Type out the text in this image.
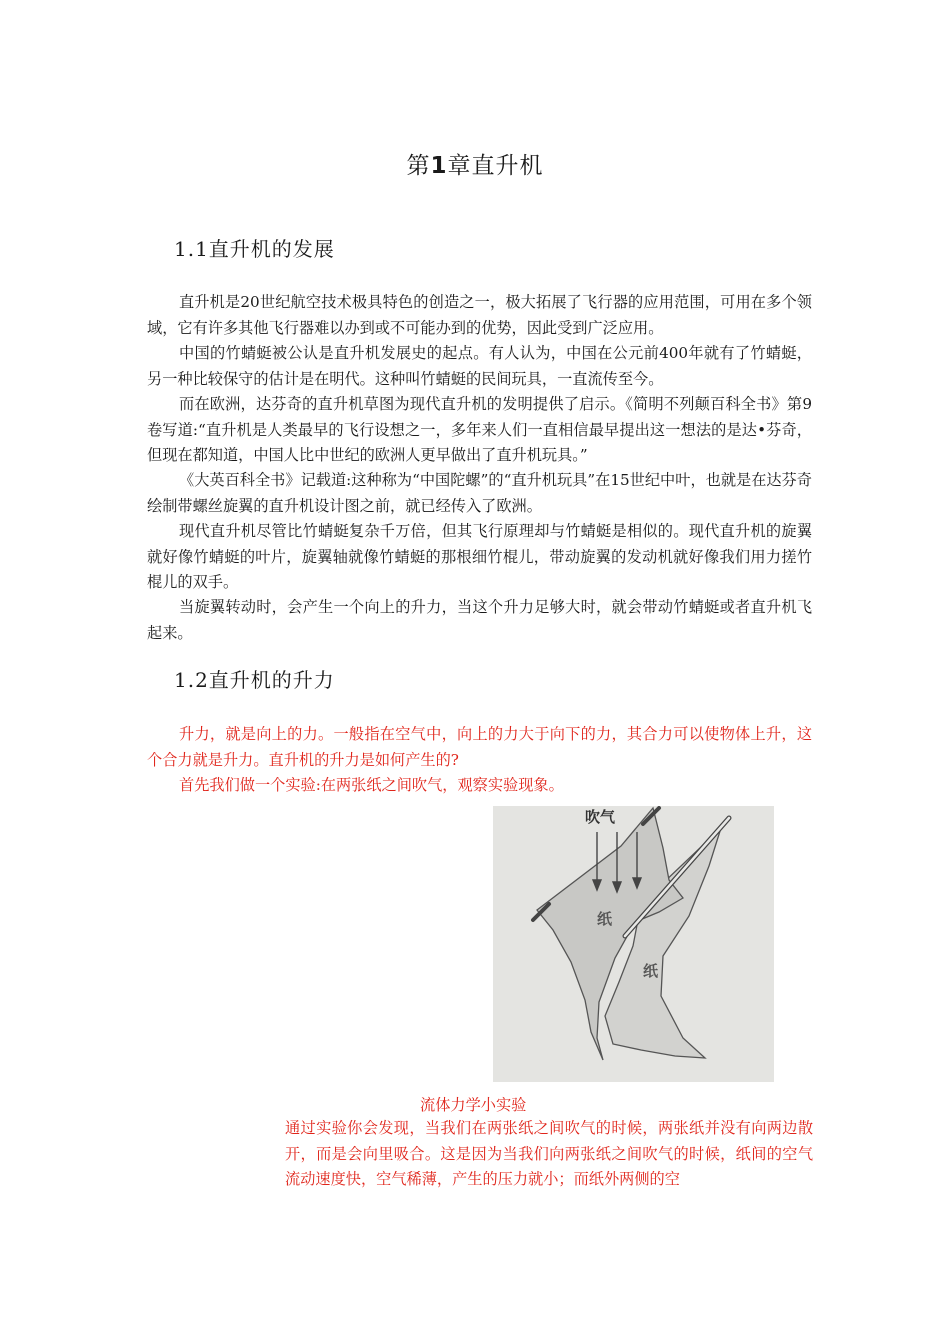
第1章直升机
1.1直升机的发展

直升机是20世纪航空技术极具特色的创造之一，极大拓展了飞行器的应用范围，可用在多个领域，它有许多其他飞行器难以办到或不可能办到的优势，因此受到广泛应用。

中国的竹蜻蜓被公认是直升机发展史的起点。有人认为，中国在公元前400年就有了竹蜻蜓，另一种比较保守的估计是在明代。这种叫竹蜻蜓的民间玩具，一直流传至今。

而在欧洲，达芬奇的直升机草图为现代直升机的发明提供了启示。《简明不列颠百科全书》第9卷写道:“直升机是人类最早的飞行设想之一，多年来人们一直相信最早提出这一想法的是达•芬奇，但现在都知道，中国人比中世纪的欧洲人更早做出了直升机玩具。”

《大英百科全书》记载道:这种称为“中国陀螺”的“直升机玩具”在15世纪中叶，也就是在达芬奇绘制带螺丝旋翼的直升机设计图之前，就已经传入了欧洲。

现代直升机尽管比竹蜻蜓复杂千万倍，但其飞行原理却与竹蜻蜓是相似的。现代直升机的旋翼就好像竹蜻蜓的叶片，旋翼轴就像竹蜻蜓的那根细竹棍儿，带动旋翼的发动机就好像我们用力搓竹棍儿的双手。

当旋翼转动时，会产生一个向上的升力，当这个升力足够大时，就会带动竹蜻蜓或者直升机飞起来。

1.2直升机的升力

升力，就是向上的力。一般指在空气中，向上的力大于向下的力，其合力可以使物体上升，这个合力就是升力。直升机的升力是如何产生的?

首先我们做一个实验:在两张纸之间吹气，观察实验现象。

吹气
纸
纸
流体力学小实验

通过实验你会发现，当我们在两张纸之间吹气的时候，两张纸并没有向两边散开，而是会向里吸合。这是因为当我们向两张纸之间吹气的时候，纸间的空气流动速度快，空气稀薄，产生的压力就小；而纸外两侧的空
